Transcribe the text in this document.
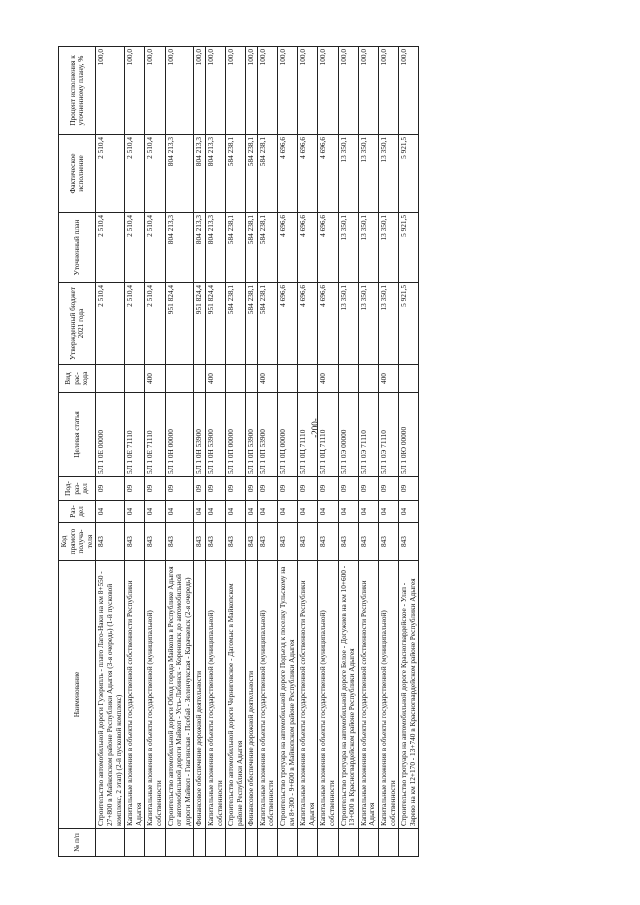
-200-
№ п/п	Наименование	Код прямого получа- теля	Раз- дел	Под- раз- дел	Целевая статья	Вид рас- хода	Утвержденный бюджет 2021 года	Уточненный план	Фактическое исполнение	Процент исполнения к уточненному плану, %
	Строительство автомобильной дороги Гузерипль - плато Лаго-Наки на км 8+550 - 27+800 в Майкопском районе Республики Адыгея (3-я очередь) (1-й пусковой комплекс, 2 этап) (2-й пусковой комплекс)	843	04	09	5Л 1 0Е 00000		2 510,4	2 510,4	2 510,4	100,0
	Капитальные вложения в объекты государственной собственности Республики Адыгея	843	04	09	5Л 1 0Е 71110		2 510,4	2 510,4	2 510,4	100,0
	Капитальные вложения в объекты государственной (муниципальной) собственности	843	04	09	5Л 1 0Е 71110	400	2 510,4	2 510,4	2 510,4	100,0
	Строительство автомобильной дороги Обход города Майкопа в Республике Адыгея от автомобильной дороги Майкоп - Усть-Лабинск - Кореновск до автомобильной дороги Майкоп - Гиагинская - Псебай - Зеленчукская - Карачаевск (2-я очередь)	843	04	09	5Л 1 0Н 00000		951 824,4	804 213,3	804 213,3	100,0
	Финансовое обеспечение дорожной деятельности	843	04	09	5Л 1 0Н 53900		951 824,4	804 213,3	804 213,3	100,0
	Капитальные вложения в объекты государственной (муниципальной) собственности	843	04	09	5Л 1 0Н 53900	400	951 824,4	804 213,3	804 213,3	100,0
	Строительство автомобильной дороги Черниговское - Дагомыс в Майкопском районе Республики Адыгея	843	04	09	5Л 1 0П 00000		584 238,1	584 238,1	584 238,1	100,0
	Финансовое обеспечение дорожной деятельности	843	04	09	5Л 1 0П 53900		584 238,1	584 238,1	584 238,1	100,0
	Капитальные вложения в объекты государственной (муниципальной) собственности	843	04	09	5Л 1 0П 53900	400	584 238,1	584 238,1	584 238,1	100,0
	Строительство тротуара на автомобильной дороге Подъезд к поселку Тульскому на км 8+300 - 9+600 в Майкопском районе Республики Адыгея	843	04	09	5Л 1 0Ц 00000		4 696,6	4 696,6	4 696,6	100,0
	Капитальные вложения в объекты государственной собственности Республики Адыгея	843	04	09	5Л 1 0Ц 71110		4 696,6	4 696,6	4 696,6	100,0
	Капитальные вложения в объекты государственной (муниципальной) собственности	843	04	09	5Л 1 0Ц 71110	400	4 696,6	4 696,6	4 696,6	100,0
	Строительство тротуара на автомобильной дороге Белое - Догужиев на км 10+600 - 13+000 в Красногвардейском районе Республики Адыгея	843	04	09	5Л 1 0Э 00000		13 350,1	13 350,1	13 350,1	100,0
	Капитальные вложения в объекты государственной собственности Республики Адыгея	843	04	09	5Л 1 0Э 71110		13 350,1	13 350,1	13 350,1	100,0
	Капитальные вложения в объекты государственной (муниципальной) собственности	843	04	09	5Л 1 0Э 71110	400	13 350,1	13 350,1	13 350,1	100,0
	Строительство тротуара на автомобильной дороге Красногвардейское - Улап - Зарево на км 12+170 - 13+740 в Красногвардейском районе Республики Адыгея	843	04	09	5Л 1 0Ю 00000		5 921,5	5 921,5	5 921,5	100,0
